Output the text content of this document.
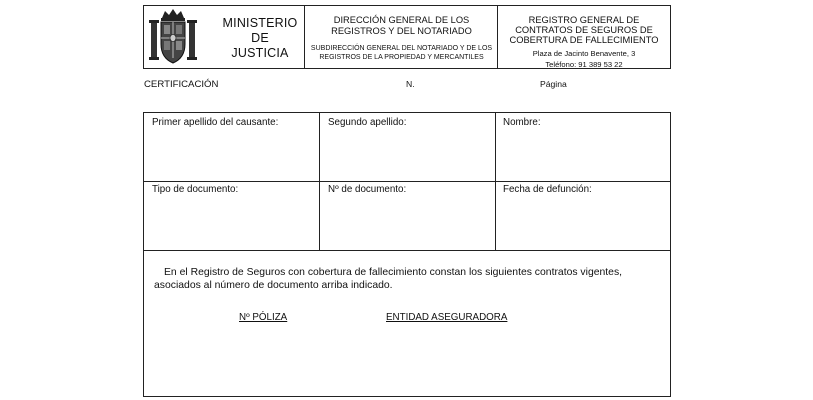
MINISTERIO
DE
JUSTICIA
DIRECCIÓN GENERAL DE LOS
REGISTROS Y DEL NOTARIADO
SUBDIRECCIÓN GENERAL DEL NOTARIADO Y DE LOS
REGISTROS DE LA PROPIEDAD Y MERCANTILES
REGISTRO GENERAL DE
CONTRATOS DE SEGUROS DE
COBERTURA DE FALLECIMIENTO
Plaza de Jacinto Benavente, 3
Teléfono: 91 389 53 22
CERTIFICACIÓN	N.	Página
Primer apellido del causante:	Segundo apellido:	Nombre:
Tipo de documento:	Nº de documento:	Fecha de defunción:
En el Registro de Seguros con cobertura de fallecimiento constan los siguientes contratos vigentes,
asociados al número de documento arriba indicado.
Nº PÓLIZA	ENTIDAD ASEGURADORA
